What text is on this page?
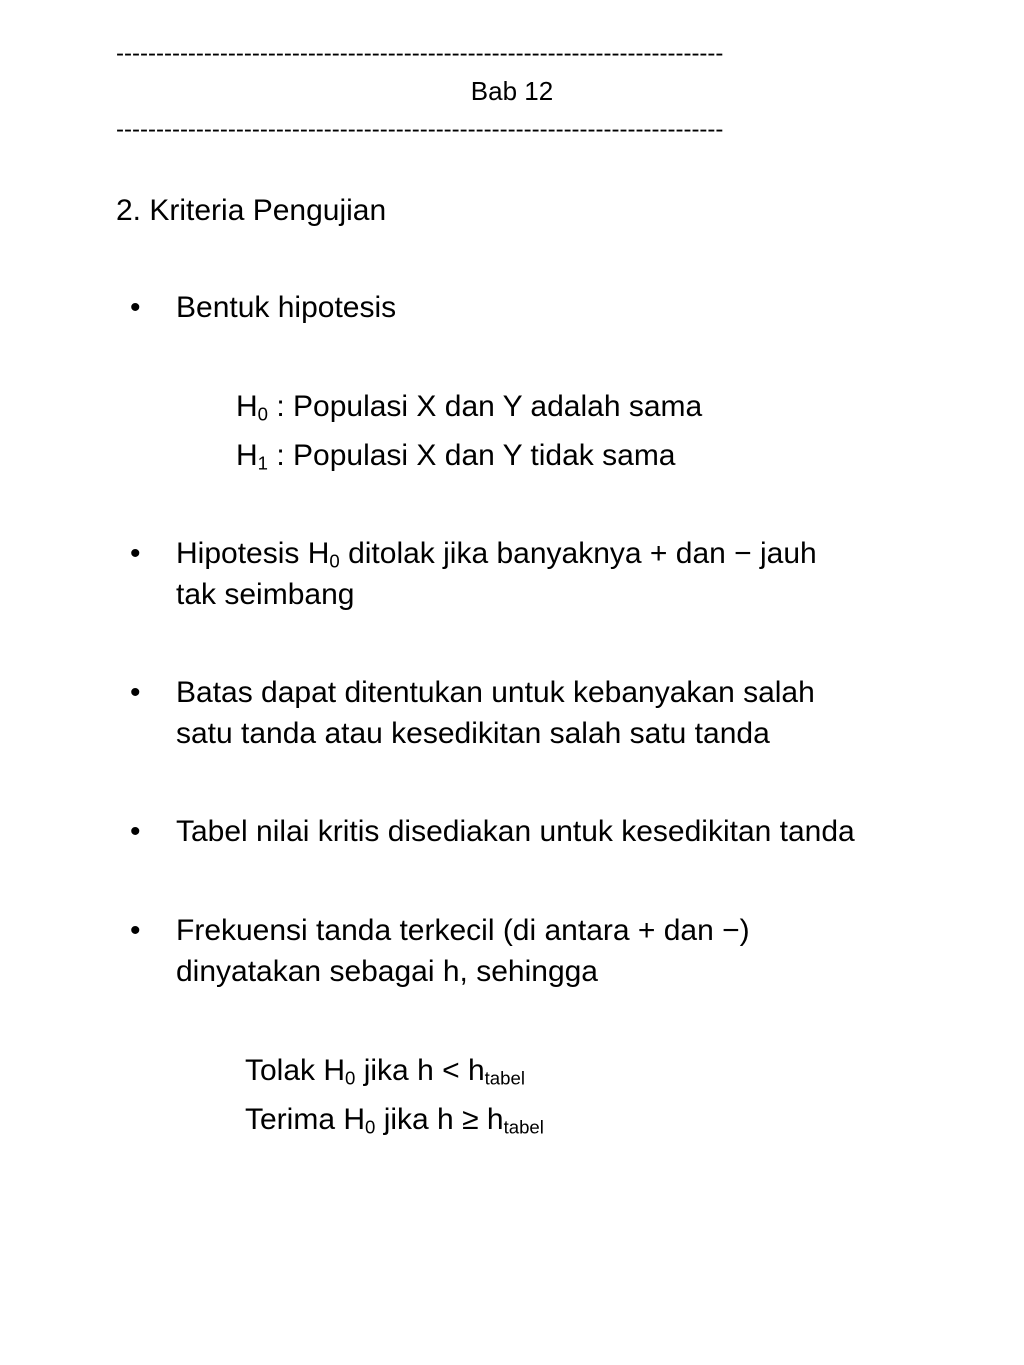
----------------------------------------------------------------------------
Bab 12
----------------------------------------------------------------------------
2. Kriteria Pengujian
• Bentuk hipotesis
$H_0$ : Populasi X dan Y adalah sama
$H_1$ : Populasi X dan Y tidak sama
• Hipotesis $H_0$ ditolak jika banyaknya + dan − jauh
tak seimbang
• Batas dapat ditentukan untuk kebanyakan salah
satu tanda atau kesedikitan salah satu tanda
• Tabel nilai kritis disediakan untuk kesedikitan tanda
• Frekuensi tanda terkecil (di antara + dan −)
dinyatakan sebagai h, sehingga
Tolak $H_0$ jika $h < h_{tabel}$
Terima $H_0$ jika $h \ge h_{tabel}$
